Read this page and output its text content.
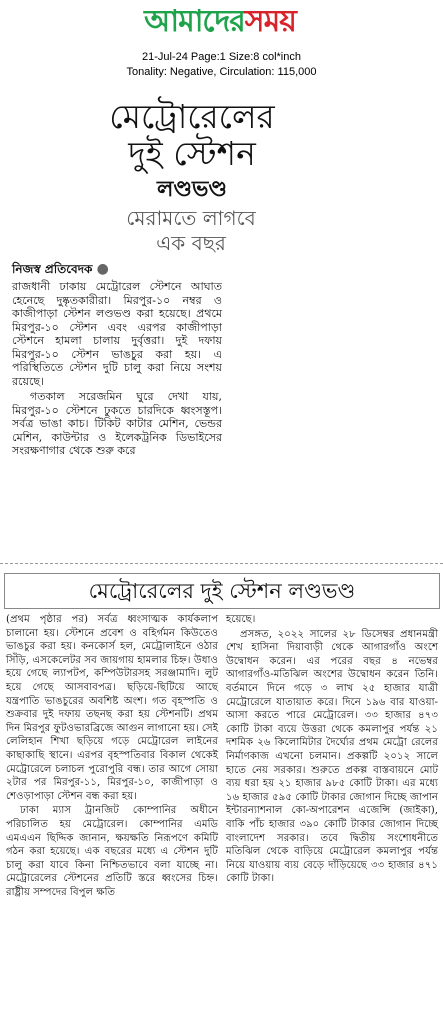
আমাদেরসময়
21-Jul-24 Page:1 Size:8 col*inch
Tonality: Negative, Circulation: 115,000
মেট্রোরেলের
দুই স্টেশন
লণ্ডভণ্ড
মেরামতে লাগবে
এক বছর
নিজস্ব প্রতিবেদক ●

রাজধানী ঢাকায় মেট্রোরেল স্টেশনে আঘাত হেনেছে দুষ্কৃতকারীরা। মিরপুর-১০ নম্বর ও কাজীপাড়া স্টেশন লণ্ডভণ্ড করা হয়েছে। প্রথমে মিরপুর-১০ স্টেশন এবং এরপর কাজীপাড়া স্টেশনে হামলা চালায় দুর্বৃত্তরা। দুই দফায় মিরপুর-১০ স্টেশন ভাঙচুর করা হয়। এ পরিস্থিতিতে স্টেশন দুটি চালু করা নিয়ে সংশয় রয়েছে।

গতকাল সরেজমিন ঘুরে দেখা যায়, মিরপুর-১০ স্টেশনে ঢুকতে চারদিকে ধ্বংসস্তূপ। সর্বত্র ভাঙা কাচ। টিকিট কাটার মেশিন, ভেন্ডর মেশিন, কাউন্টার ও ইলেকট্রনিক ডিভাইসের সংরক্ষণাগার থেকে শুরু করে

মেট্রোরেলের দুই স্টেশন লণ্ডভণ্ড

(প্রথম পৃষ্ঠার পর) সর্বত্র ধ্বংসাত্মক কার্যকলাপ চালানো হয়। স্টেশনে প্রবেশ ও বহির্গমন কিউতেও ভাঙচুর করা হয়। কনকোর্স হল, মেট্রোলাইনে ওঠার সিঁড়ি, এসকেলেটর সব জায়গায় হামলার চিহ্ন। উধাও হয়ে গেছে ল্যাপটপ, কম্পিউটারসহ সরঞ্জামাদি। লুট হয়ে গেছে আসবাবপত্র। ছড়িয়ে-ছিটিয়ে আছে যন্ত্রপাতি ভাঙচুরের অবশিষ্ট অংশ। গত বৃহস্পতি ও শুক্রবার দুই দফায় তছনছ করা হয় স্টেশনটি। প্রথম দিন মিরপুর ফুটওভারব্রিজে আগুন লাগানো হয়। সেই লেলিহান শিখা ছড়িয়ে গড়ে মেট্রোরেল লাইনের কাছাকাছি স্থানে। এরপর বৃহস্পতিবার বিকাল থেকেই মেট্রোরেলে চলাচল পুরোপুরি বন্ধ। তার আগে সোয়া ২টার পর মিরপুর-১১, মিরপুর-১০, কাজীপাড়া ও শেওড়াপাড়া স্টেশন বন্ধ করা হয়।

ঢাকা ম্যাস ট্রানজিট কোম্পানির অধীনে পরিচালিত হয় মেট্রোরেল। কোম্পানির এমডি এমএএন ছিদ্দিক জানান, ক্ষয়ক্ষতি নিরূপণে কমিটি গঠন করা হয়েছে। এক বছরের মধ্যে এ স্টেশন দুটি চালু করা যাবে কিনা নিশ্চিতভাবে বলা যাচ্ছে না। মেট্রোরেলের স্টেশনের প্রতিটি স্তরে ধ্বংসের চিহ্ন। রাষ্ট্রীয় সম্পদের বিপুল ক্ষতি

হয়েছে।

প্রসঙ্গত, ২০২২ সালের ২৮ ডিসেম্বর প্রধানমন্ত্রী শেখ হাসিনা দিয়াবাড়ী থেকে আগারগাঁও অংশে উদ্বোধন করেন। এর পরের বছর ৪ নভেম্বর আগারগাঁও-মতিঝিল অংশের উদ্বোধন করেন তিনি। বর্তমানে দিনে গড়ে ৩ লাখ ২৫ হাজার যাত্রী মেট্রোরেলে যাতায়াত করে। দিনে ১৯৬ বার যাওয়া-আসা করতে পারে মেট্রোরেল। ৩৩ হাজার ৪৭৩ কোটি টাকা ব্যয়ে উত্তরা থেকে কমলাপুর পর্যন্ত ২১ দশমিক ২৬ কিলোমিটার দৈর্ঘ্যের প্রথম মেট্রো রেলের নির্মাণকাজ এখনো চলমান। প্রকল্পটি ২০১২ সালে হাতে নেয় সরকার। শুরুতে প্রকল্প বাস্তবায়নে মোট ব্যয় ধরা হয় ২১ হাজার ৯৮৫ কোটি টাকা। এর মধ্যে ১৬ হাজার ৫৯৫ কোটি টাকার জোগান দিচ্ছে জাপান ইন্টারন্যাশনাল কো-অপারেশন এজেন্সি (জাইকা), বাকি পাঁচ হাজার ৩৯০ কোটি টাকার জোগান দিচ্ছে বাংলাদেশ সরকার। তবে দ্বিতীয় সংশোধনীতে মতিঝিল থেকে বাড়িয়ে মেট্রোরেল কমলাপুর পর্যন্ত নিয়ে যাওয়ায় ব্যয় বেড়ে দাঁড়িয়েছে ৩৩ হাজার ৪৭১ কোটি টাকা।
